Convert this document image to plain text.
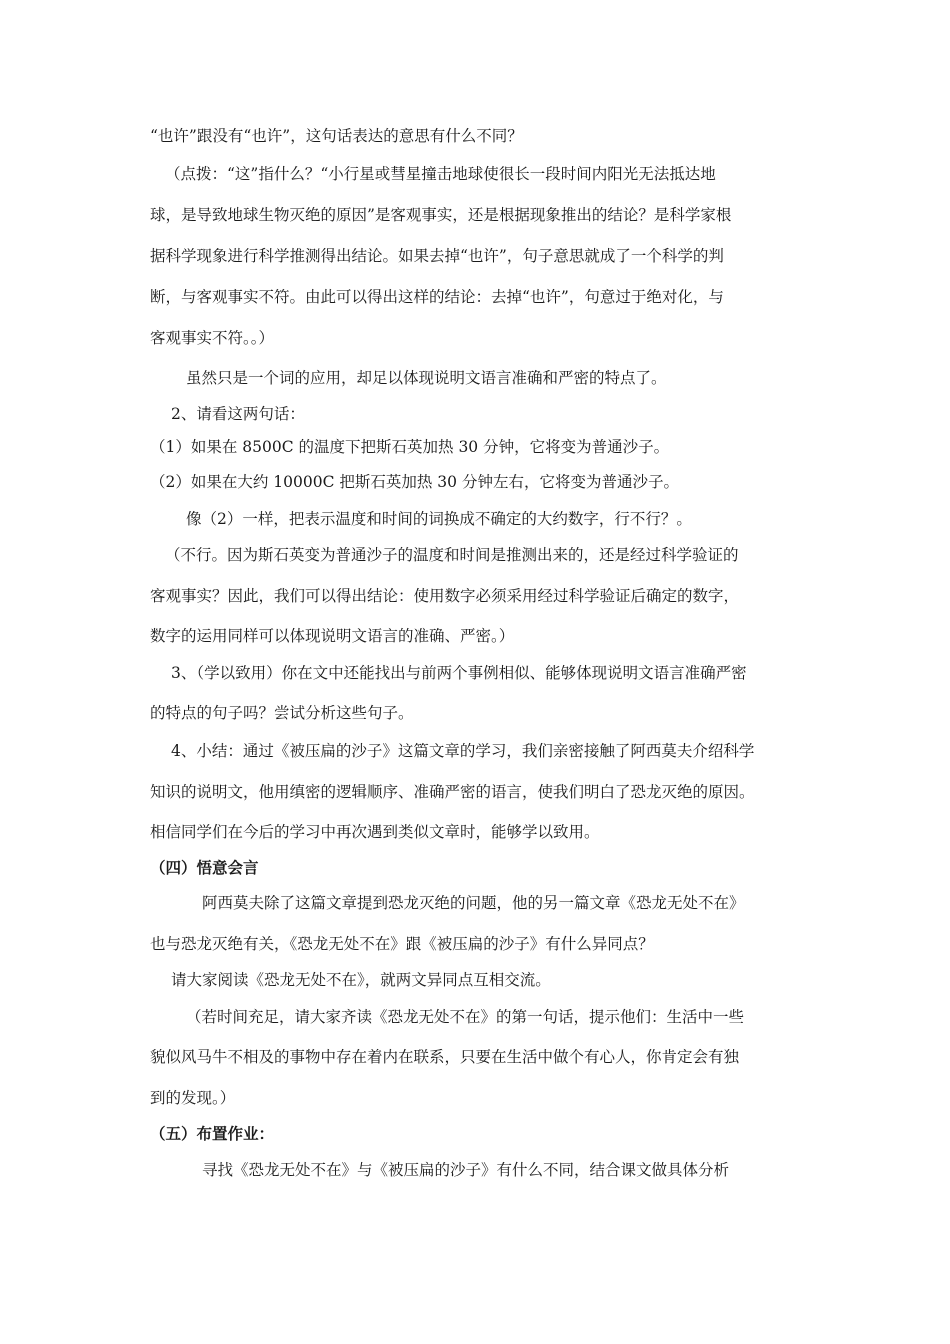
“也许”跟没有“也许”，这句话表达的意思有什么不同？
（点拨：“这”指什么？“小行星或彗星撞击地球使很长一段时间内阳光无法抵达地
球，是导致地球生物灭绝的原因”是客观事实，还是根据现象推出的结论？是科学家根
据科学现象进行科学推测得出结论。如果去掉“也许”，句子意思就成了一个科学的判
断，与客观事实不符。由此可以得出这样的结论：去掉“也许”，句意过于绝对化，与
客观事实不符。。）
虽然只是一个词的应用，却足以体现说明文语言准确和严密的特点了。
2、请看这两句话：
（1）如果在 8500C 的温度下把斯石英加热 30 分钟，它将变为普通沙子。
（2）如果在大约 10000C 把斯石英加热 30 分钟左右，它将变为普通沙子。
像（2）一样，把表示温度和时间的词换成不确定的大约数字，行不行？。
（不行。因为斯石英变为普通沙子的温度和时间是推测出来的，还是经过科学验证的
客观事实？因此，我们可以得出结论：使用数字必须采用经过科学验证后确定的数字，
数字的运用同样可以体现说明文语言的准确、严密。）
3、（学以致用）你在文中还能找出与前两个事例相似、能够体现说明文语言准确严密
的特点的句子吗？尝试分析这些句子。
4、小结：通过《被压扁的沙子》这篇文章的学习，我们亲密接触了阿西莫夫介绍科学
知识的说明文，他用缜密的逻辑顺序、准确严密的语言，使我们明白了恐龙灭绝的原因。
相信同学们在今后的学习中再次遇到类似文章时，能够学以致用。
（四）悟意会言
阿西莫夫除了这篇文章提到恐龙灭绝的问题，他的另一篇文章《恐龙无处不在》
也与恐龙灭绝有关，《恐龙无处不在》跟《被压扁的沙子》有什么异同点？
请大家阅读《恐龙无处不在》，就两文异同点互相交流。
（若时间充足，请大家齐读《恐龙无处不在》的第一句话，提示他们：生活中一些
貌似风马牛不相及的事物中存在着内在联系，只要在生活中做个有心人，你肯定会有独
到的发现。）
（五）布置作业：
寻找《恐龙无处不在》与《被压扁的沙子》有什么不同，结合课文做具体分析
